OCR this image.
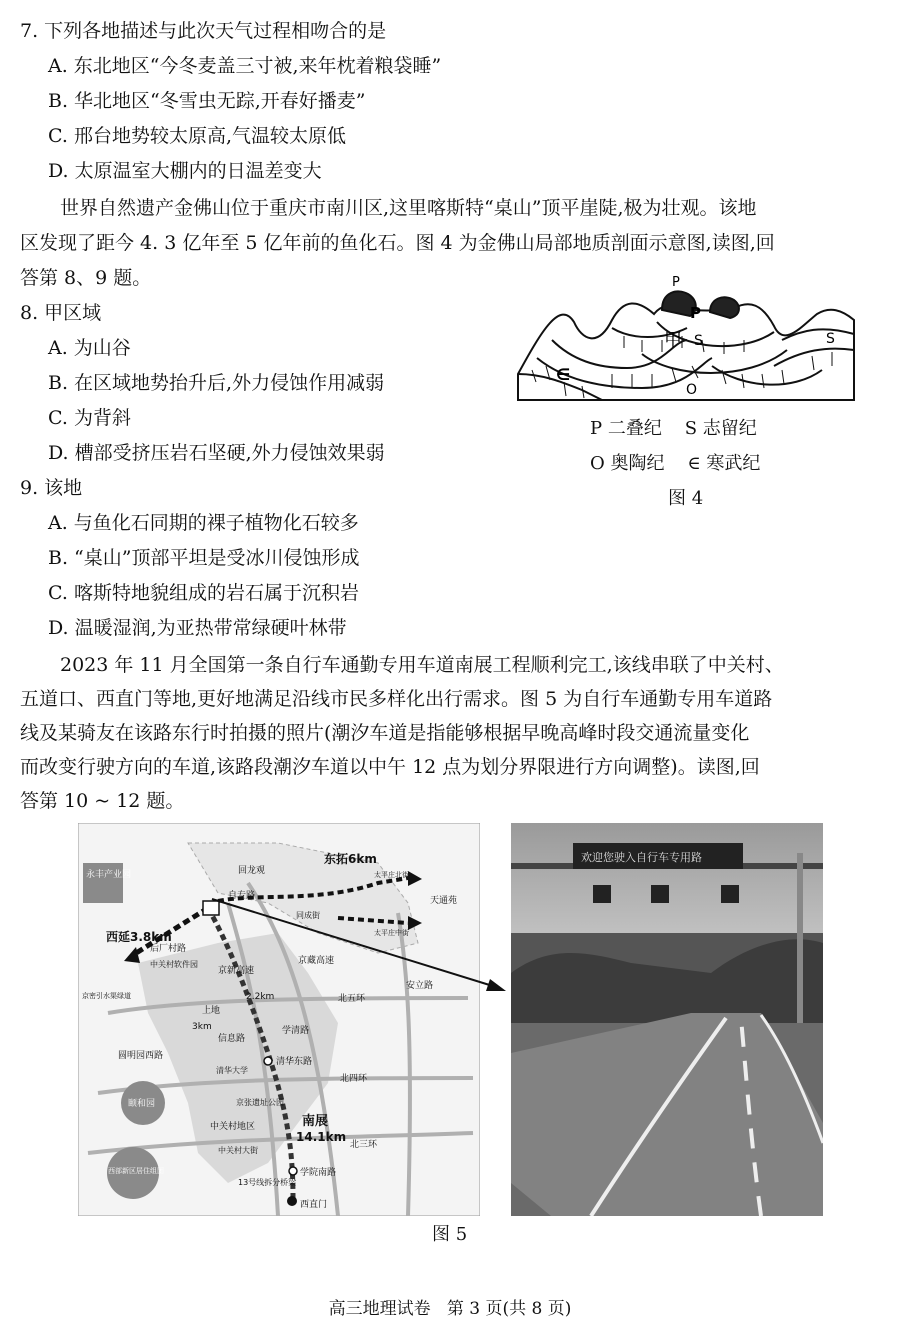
7. 下列各地描述与此次天气过程相吻合的是
A. 东北地区“今冬麦盖三寸被,来年枕着粮袋睡”
B. 华北地区“冬雪虫无踪,开春好播麦”
C. 邢台地势较太原高,气温较太原低
D. 太原温室大棚内的日温差变大
世界自然遗产金佛山位于重庆市南川区,这里喀斯特“桌山”顶平崖陡,极为壮观。该地
区发现了距今 4. 3 亿年至 5 亿年前的鱼化石。图 4 为金佛山局部地质剖面示意图,读图,回
答第 8、9 题。
8. 甲区域
A. 为山谷
B. 在区域地势抬升后,外力侵蚀作用减弱
C. 为背斜
D. 槽部受挤压岩石坚硬,外力侵蚀效果弱
9. 该地
A. 与鱼化石同期的裸子植物化石较多
B. “桌山”顶部平坦是受冰川侵蚀形成
C. 喀斯特地貌组成的岩石属于沉积岩
D. 温暖湿润,为亚热带常绿硬叶林带
P
P
甲 S	S
O
∈
P 二叠纪    S 志留纪
O 奥陶纪    ∈ 寒武纪
图 4
2023 年 11 月全国第一条自行车通勤专用车道南展工程顺利完工,该线串联了中关村、
五道口、西直门等地,更好地满足沿线市民多样化出行需求。图 5 为自行车通勤专用车道路
线及某骑友在该路东行时拍摄的照片(潮汐车道是指能够根据早晚高峰时段交通流量变化
而改变行驶方向的车道,该路段潮汐车道以中午 12 点为划分界限进行方向调整)。读图,回
答第 10 ~ 12 题。
永丰产业园
西延3.8km
东拓6km
回龙观
自专路
同成街
天通苑
太平庄北街
太平庄中街
后厂村路
中关村软件园
京密引水渠绿道
京新高速
京藏高速
安立路
上地
信息路
2.2km
3km
北五环
圆明园西路
学清路
清华东路
清华大学
颐和园	京张遗址公园
北四环
南展
14.1km
中关村地区
北三环
中关村大街
西部新区居住组团	学院南路
13号线拆分桥梁
西直门
欢迎您驶入自行车专用路
图 5
高三地理试卷   第 3 页(共 8 页)
